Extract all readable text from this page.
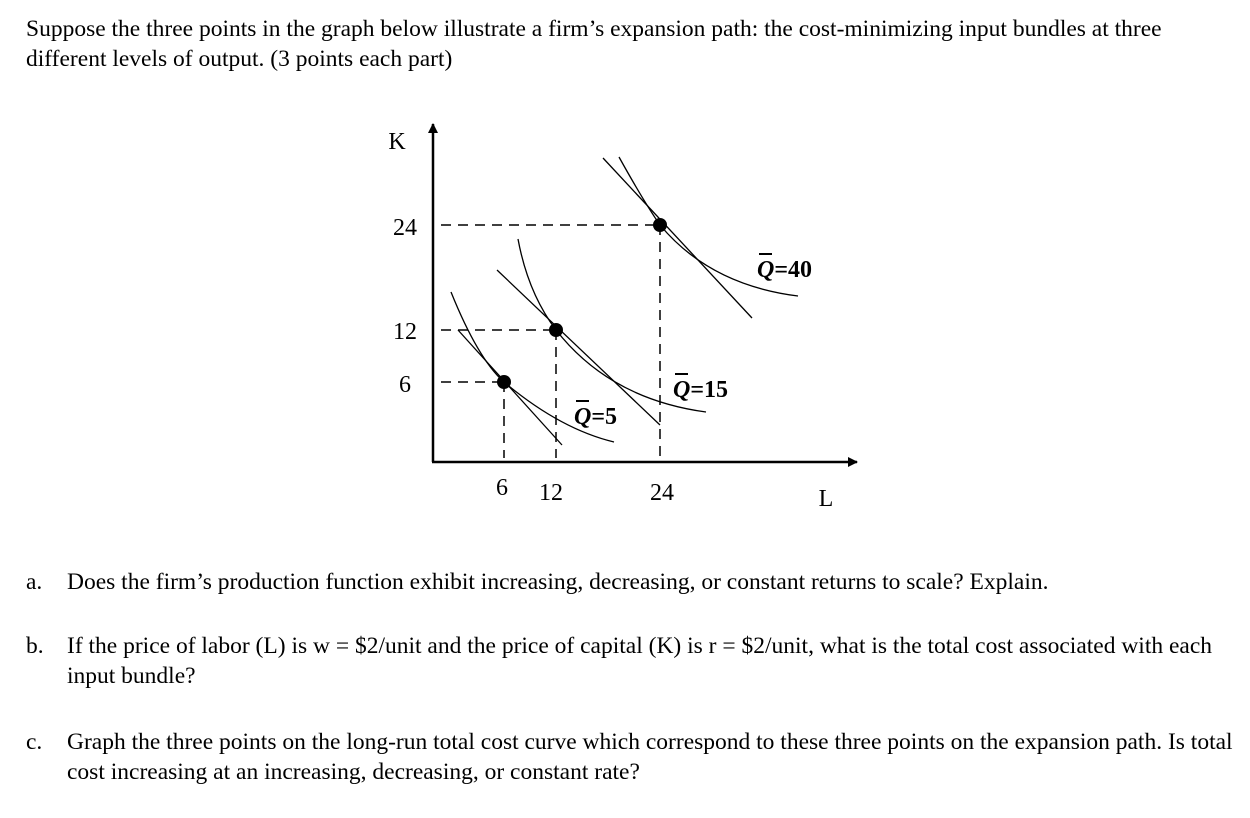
Suppose the three points in the graph below illustrate a firm’s expansion path: the cost-minimizing input bundles at three different levels of output. (3 points each part)

K
L
24
12
6
6 12	24
Q=5
Q=15
Q=40
a. Does the firm’s production function exhibit increasing, decreasing, or constant returns to scale? Explain.
b. If the price of labor (L) is w = $2/unit and the price of capital (K) is r = $2/unit, what is the total cost associated with each input bundle?
c. Graph the three points on the long-run total cost curve which correspond to these three points on the expansion path. Is total cost increasing at an increasing, decreasing, or constant rate?
